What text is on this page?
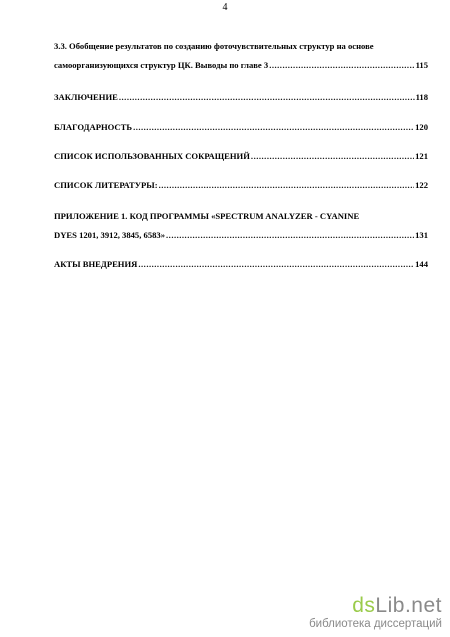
4
3.3. Обобщение результатов по созданию фоточувствительных структур на основе
самоорганизующихся структур ЦК. Выводы по главе 3 .....	115
ЗАКЛЮЧЕНИЕ .....	118
БЛАГОДАРНОСТЬ .....	120
СПИСОК ИСПОЛЬЗОВАННЫХ СОКРАЩЕНИЙ .....	121
СПИСОК ЛИТЕРАТУРЫ: .....	122
ПРИЛОЖЕНИЕ 1. КОД ПРОГРАММЫ «SPECTRUM ANALYZER - CYANINE
DYES 1201, 3912, 3845, 6583» .....	131
АКТЫ ВНЕДРЕНИЯ .....	144
dsLib.net
библиотека диссертаций
